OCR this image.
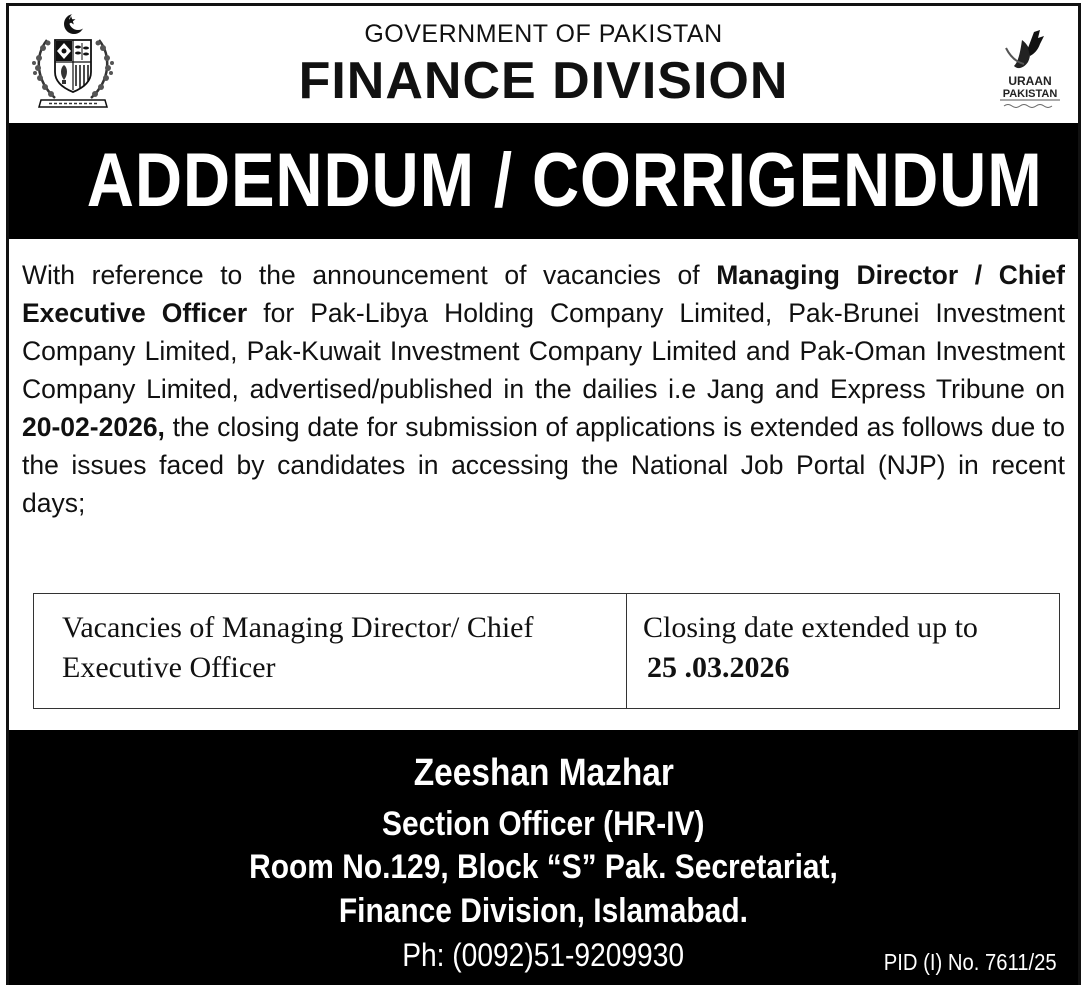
GOVERNMENT OF PAKISTAN
FINANCE DIVISION	URAAN
PAKISTAN
ADDENDUM / CORRIGENDUM
With reference to the announcement of vacancies of Managing Director / Chief Executive Officer for Pak-Libya Holding Company Limited, Pak-Brunei Investment Company Limited, Pak-Kuwait Investment Company Limited and Pak-Oman Investment Company Limited, advertised/published in the dailies i.e Jang and Express Tribune on 20-02-2026, the closing date for submission of applications is extended as follows due to the issues faced by candidates in accessing the National Job Portal (NJP) in recent days;
Vacancies of Managing Director/ Chief Executive Officer
Closing date extended up to
25 .03.2026
Zeeshan Mazhar
Section Officer (HR-IV)
Room No.129, Block “S” Pak. Secretariat,
Finance Division, Islamabad.
Ph: (0092)51-9209930	PID (I) No. 7611/25
